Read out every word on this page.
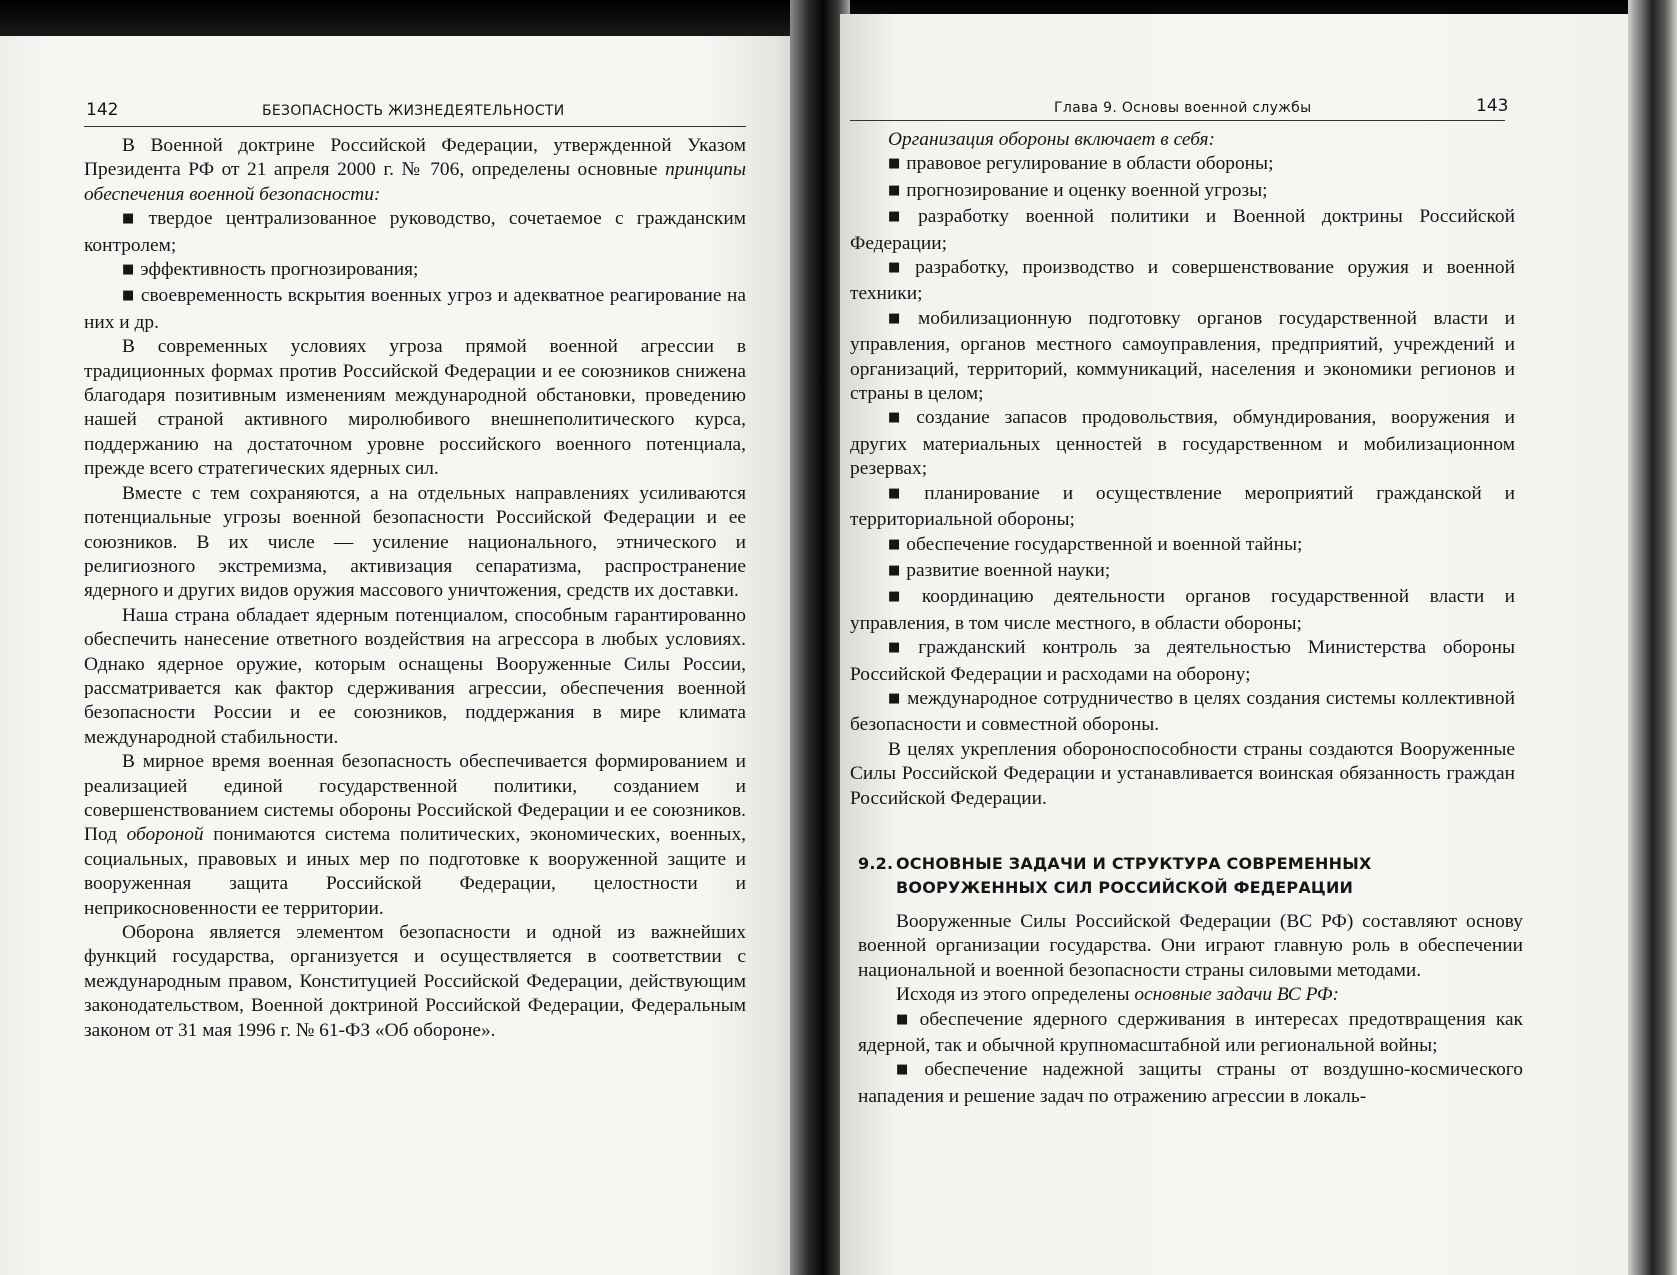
142	БЕЗОПАСНОСТЬ ЖИЗНЕДЕЯТЕЛЬНОСТИ

В Военной доктрине Российской Федерации, утвержденной Указом Президента РФ от 21 апреля 2000 г. № 706, определены основные принципы обеспечения военной безопасности:

■ твердое централизованное руководство, сочетаемое с гражданским контролем;

■ эффективность прогнозирования;

■ своевременность вскрытия военных угроз и адекватное реагирование на них и др.

В современных условиях угроза прямой военной агрессии в традиционных формах против Российской Федерации и ее союзников снижена благодаря позитивным изменениям международной обстановки, проведению нашей страной активного миролюбивого внешнеполитического курса, поддержанию на достаточном уровне российского военного потенциала, прежде всего стратегических ядерных сил.

Вместе с тем сохраняются, а на отдельных направлениях усиливаются потенциальные угрозы военной безопасности Российской Федерации и ее союзников. В их числе — усиление национального, этнического и религиозного экстремизма, активизация сепаратизма, распространение ядерного и других видов оружия массового уничтожения, средств их доставки.

Наша страна обладает ядерным потенциалом, способным гарантированно обеспечить нанесение ответного воздействия на агрессора в любых условиях. Однако ядерное оружие, которым оснащены Вооруженные Силы России, рассматривается как фактор сдерживания агрессии, обеспечения военной безопасности России и ее союзников, поддержания в мире климата международной стабильности.

В мирное время военная безопасность обеспечивается формированием и реализацией единой государственной политики, созданием и совершенствованием системы обороны Российской Федерации и ее союзников. Под обороной понимаются система политических, экономических, военных, социальных, правовых и иных мер по подготовке к вооруженной защите и вооруженная защита Российской Федерации, целостности и неприкосновенности ее территории.

Оборона является элементом безопасности и одной из важнейших функций государства, организуется и осуществляется в соответствии с международным правом, Конституцией Российской Федерации, действующим законодательством, Военной доктриной Российской Федерации, Федеральным законом от 31 мая 1996 г. № 61-ФЗ «Об обороне».

Глава 9. Основы военной службы	143

Организация обороны включает в себя:

■ правовое регулирование в области обороны;

■ прогнозирование и оценку военной угрозы;

■ разработку военной политики и Военной доктрины Российской Федерации;

■ разработку, производство и совершенствование оружия и военной техники;

■ мобилизационную подготовку органов государственной власти и управления, органов местного самоуправления, предприятий, учреждений и организаций, территорий, коммуникаций, населения и экономики регионов и страны в целом;

■ создание запасов продовольствия, обмундирования, вооружения и других материальных ценностей в государственном и мобилизационном резервах;

■ планирование и осуществление мероприятий гражданской и территориальной обороны;

■ обеспечение государственной и военной тайны;

■ развитие военной науки;

■ координацию деятельности органов государственной власти и управления, в том числе местного, в области обороны;

■ гражданский контроль за деятельностью Министерства обороны Российской Федерации и расходами на оборону;

■ международное сотрудничество в целях создания системы коллективной безопасности и совместной обороны.

В целях укрепления обороноспособности страны создаются Вооруженные Силы Российской Федерации и устанавливается воинская обязанность граждан Российской Федерации.

9.2. ОСНОВНЫЕ ЗАДАЧИ И СТРУКТУРА СОВРЕМЕННЫХ
ВООРУЖЕННЫХ СИЛ РОССИЙСКОЙ ФЕДЕРАЦИИ

Вооруженные Силы Российской Федерации (ВС РФ) составляют основу военной организации государства. Они играют главную роль в обеспечении национальной и военной безопасности страны силовыми методами.

Исходя из этого определены основные задачи ВС РФ:

■ обеспечение ядерного сдерживания в интересах предотвращения как ядерной, так и обычной крупномасштабной или региональной войны;

■ обеспечение надежной защиты страны от воздушно-космического нападения и решение задач по отражению агрессии в локаль-
